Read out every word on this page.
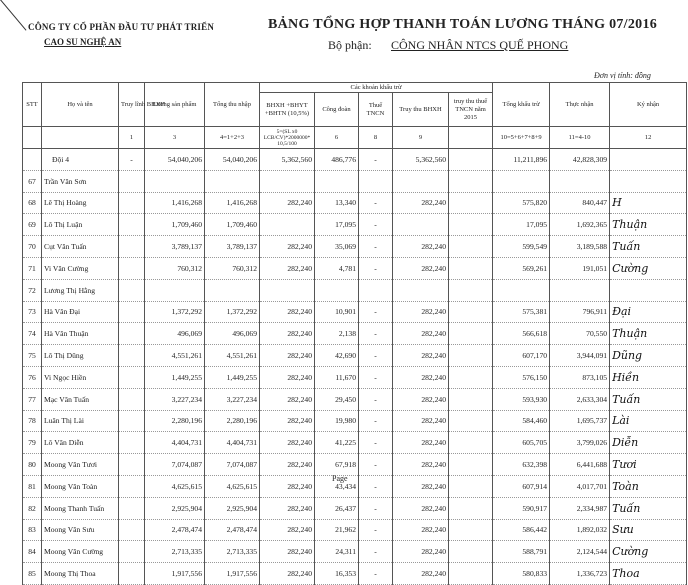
CÔNG TY CỔ PHẦN ĐẦU TƯ PHÁT TRIỂN
CAO SU NGHỆ AN
BẢNG TỔNG HỢP THANH TOÁN LƯƠNG THÁNG 07/2016
Bộ phận: CÔNG NHÂN NTCS QUẾ PHONG
Đơn vị tính: đồng
STT	Họ và tên	Truy lĩnh BHXH	Lương sản phẩm	Tổng thu nhập	Các khoản khấu trừ					Tổng khấu trừ	Thực nhận	Ký nhận
					BHXH +BHYT +BHTN (10,5%)	Công đoàn	Thuế TNCN	Truy thu BHXH	truy thu thuế TNCN năm 2015			
		1	3	4=1+2+3	5=(SL x0 LCB/CV)*2000000* 10,5/100	6	8	9		10=5+6+7+8+9	11=4-10	12
	Đội 4	-	54,040,206	54,040,206	5,362,560	486,776	-	5,362,560		11,211,896	42,828,309	
67	Trần Văn Sơn											
68	Lê Thị Hoàng		1,416,268	1,416,268	282,240	13,340	-	282,240		575,820	840,447	H
69	Lô Thị Luận		1,709,460	1,709,460		17,095	-			17,095	1,692,365	Thuận
70	Cụt Văn Tuấn		3,789,137	3,789,137	282,240	35,069	-	282,240		599,549	3,189,588	Tuấn
71	Vi Văn Cường		760,312	760,312	282,240	4,781	-	282,240		569,261	191,051	Cường
72	Lương Thị Hằng											
73	Hà Văn Đại		1,372,292	1,372,292	282,240	10,901	-	282,240		575,381	796,911	Đại
74	Hà Văn Thuận		496,069	496,069	282,240	2,138	-	282,240		566,618	70,550	Thuận
75	Lô Thị Dũng		4,551,261	4,551,261	282,240	42,690	-	282,240		607,170	3,944,091	Dũng
76	Vi Ngọc Hiền		1,449,255	1,449,255	282,240	11,670	-	282,240		576,150	873,105	Hiền
77	Mạc Văn Tuấn		3,227,234	3,227,234	282,240	29,450	-	282,240		593,930	2,633,304	Tuấn
78	Luân Thị Lài		2,280,196	2,280,196	282,240	19,980	-	282,240		584,460	1,695,737	Lài
79	Lô Văn Diễn		4,404,731	4,404,731	282,240	41,225	-	282,240		605,705	3,799,026	Diễn
80	Moong Văn Tươi		7,074,087	7,074,087	282,240	67,918	-	282,240		632,398	6,441,688	Tươi
81	Moong Văn Toàn		4,625,615	4,625,615	282,240	43,434	-	282,240		607,914	4,017,701	Toàn
82	Moong Thanh Tuấn		2,925,904	2,925,904	282,240	26,437	-	282,240		590,917	2,334,987	Tuấn
83	Moong Văn Sưu		2,478,474	2,478,474	282,240	21,962	-	282,240		586,442	1,892,032	Sưu
84	Moong Văn Cường		2,713,335	2,713,335	282,240	24,311	-	282,240		588,791	2,124,544	Cường
85	Moong Thị Thoa		1,917,556	1,917,556	282,240	16,353	-	282,240		580,833	1,336,723	Thoa
Page
